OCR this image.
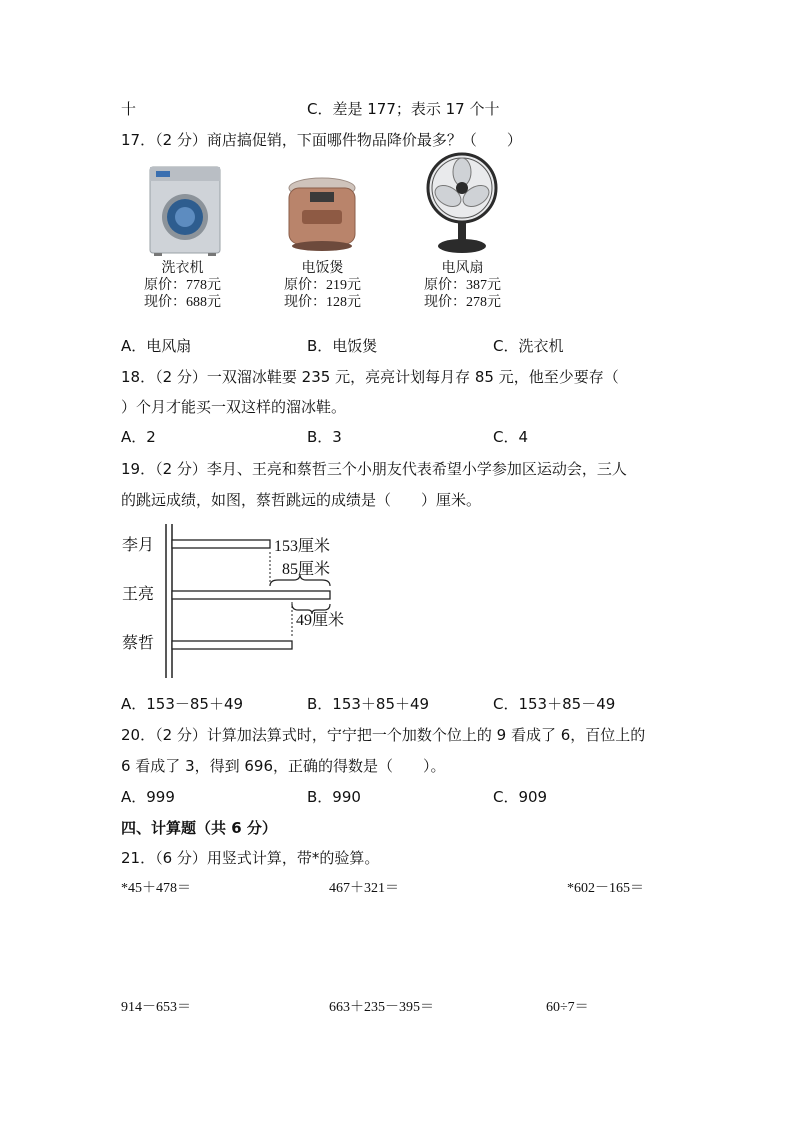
十	C．差是 177；表示 17 个十
17．（2 分）商店搞促销，下面哪件物品降价最多？（　　）
洗衣机
原价：778元
现价：688元
电饭煲
原价：219元
现价：128元
电风扇
原价：387元
现价：278元
A．电风扇	B．电饭煲	C．洗衣机
18．（2 分）一双溜冰鞋要 235 元，亮亮计划每月存 85 元，他至少要存（
）个月才能买一双这样的溜冰鞋。
A．2	B．3	C．4
19．（2 分）李月、王亮和蔡哲三个小朋友代表希望小学参加区运动会，三人
的跳远成绩，如图，蔡哲跳远的成绩是（　　）厘米。
李月
王亮
蔡哲
153厘米
85厘米
49厘米
A．153－85＋49	B．153＋85＋49	C．153＋85－49
20．（2 分）计算加法算式时，宁宁把一个加数个位上的 9 看成了 6，百位上的
6 看成了 3，得到 696，正确的得数是（　　）。
A．999	B．990	C．909
四、计算题（共 6 分）
21．（6 分）用竖式计算，带*的验算。
*45＋478＝	467＋321＝	*602－165＝
914－653＝	663＋235－395＝	60÷7＝
